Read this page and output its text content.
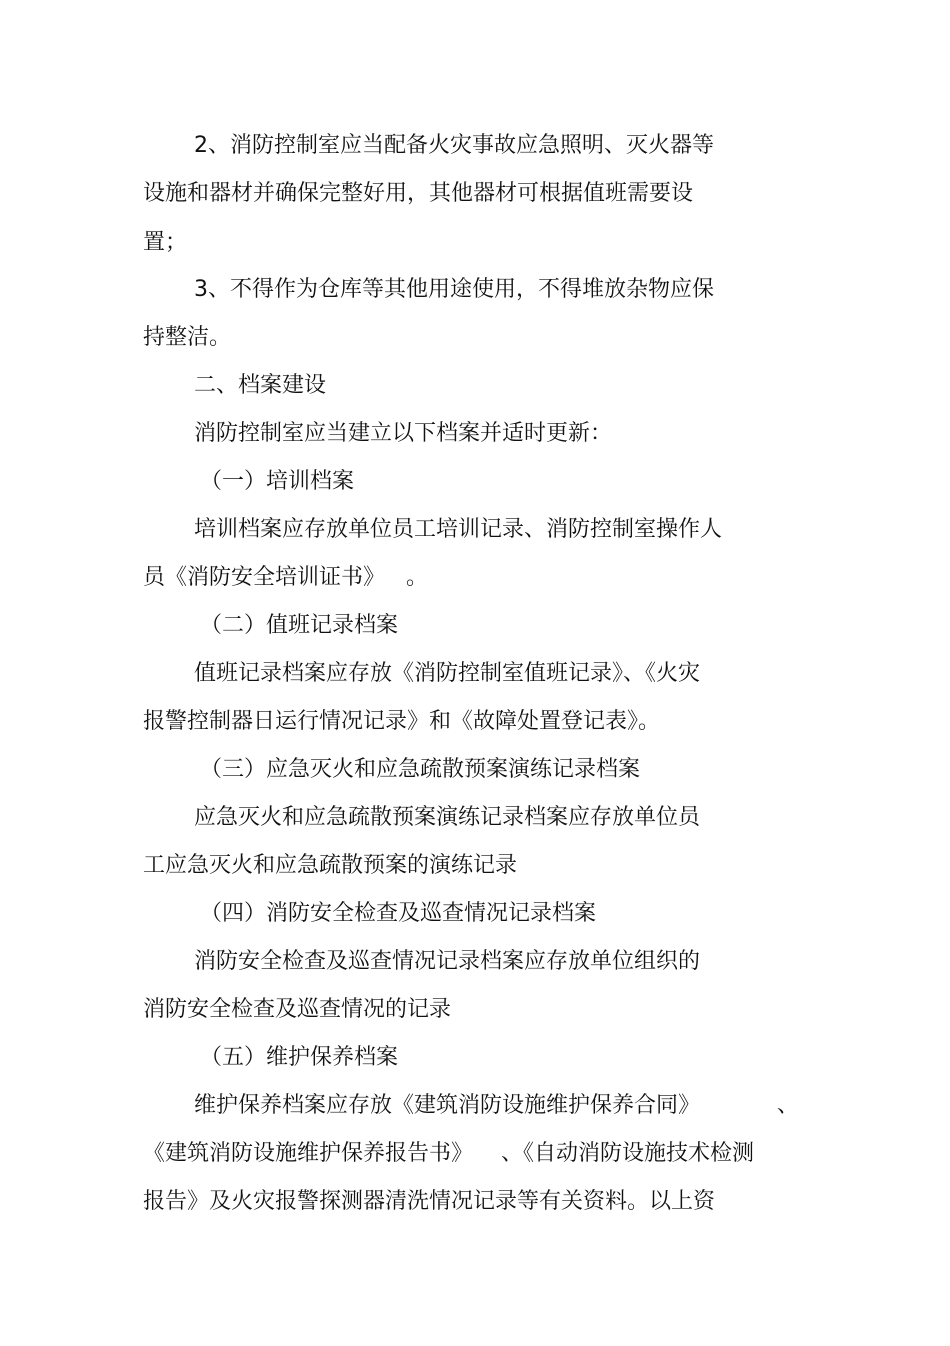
2、消防控制室应当配备火灾事故应急照明、灭火器等
设施和器材并确保完整好用，其他器材可根据值班需要设
置；
3、不得作为仓库等其他用途使用，不得堆放杂物应保
持整洁。
二、档案建设
消防控制室应当建立以下档案并适时更新：
（一）培训档案
培训档案应存放单位员工培训记录、消防控制室操作人
员《消防安全培训证书》   。
（二）值班记录档案
值班记录档案应存放《消防控制室值班记录》、《火灾
报警控制器日运行情况记录》和《故障处置登记表》。
（三）应急灭火和应急疏散预案演练记录档案
应急灭火和应急疏散预案演练记录档案应存放单位员
工应急灭火和应急疏散预案的演练记录
（四）消防安全检查及巡查情况记录档案
消防安全检查及巡查情况记录档案应存放单位组织的
消防安全检查及巡查情况的记录
（五）维护保养档案
维护保养档案应存放《建筑消防设施维护保养合同》           、
《建筑消防设施维护保养报告书》    、《自动消防设施技术检测
报告》及火灾报警探测器清洗情况记录等有关资料。以上资
